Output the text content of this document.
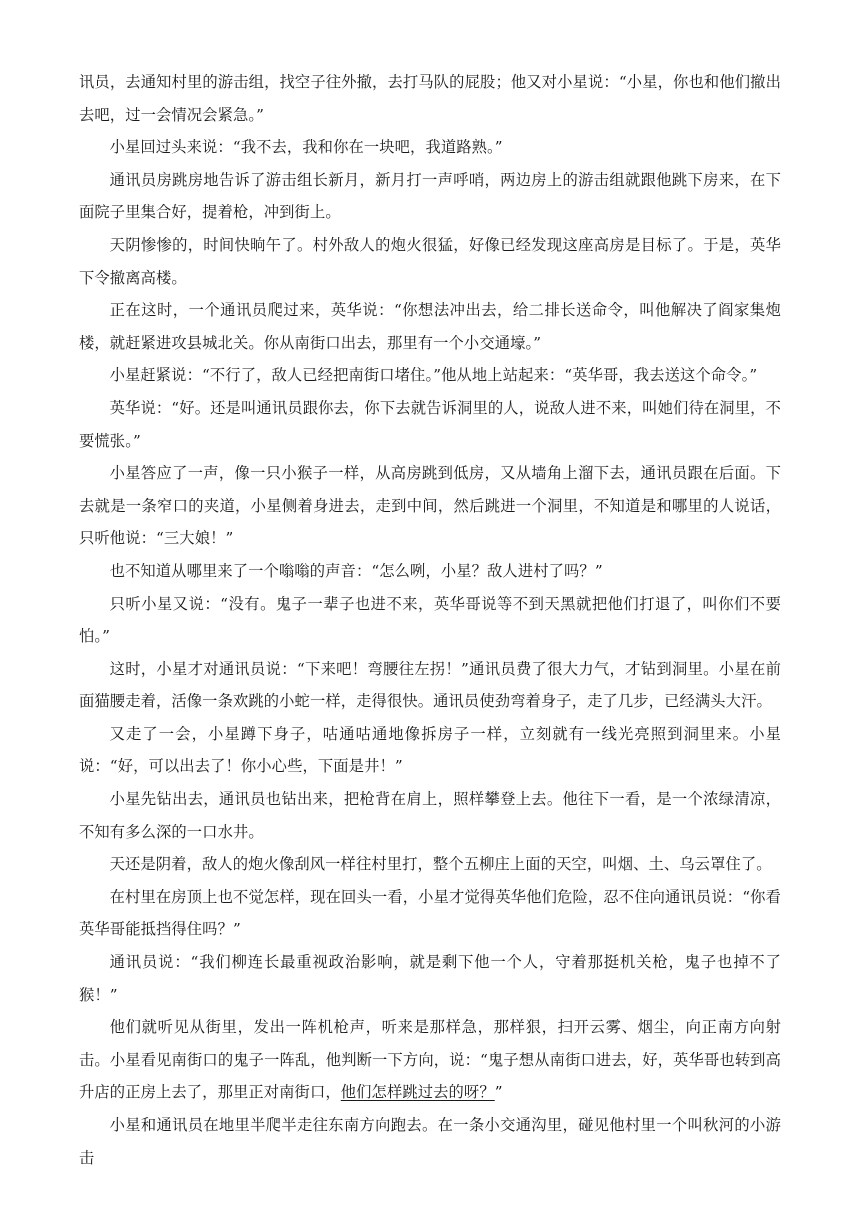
讯员，去通知村里的游击组，找空子往外撤，去打马队的屁股；他又对小星说：“小星，你也和他们撤出去吧，过一会情况会紧急。”

小星回过头来说：“我不去，我和你在一块吧，我道路熟。”

通讯员房跳房地告诉了游击组长新月，新月打一声呼哨，两边房上的游击组就跟他跳下房来，在下面院子里集合好，提着枪，冲到街上。

天阴惨惨的，时间快晌午了。村外敌人的炮火很猛，好像已经发现这座高房是目标了。于是，英华下令撤离高楼。

正在这时，一个通讯员爬过来，英华说：“你想法冲出去，给二排长送命令，叫他解决了阎家集炮楼，就赶紧进攻县城北关。你从南街口出去，那里有一个小交通壕。”

小星赶紧说：“不行了，敌人已经把南街口堵住。”他从地上站起来：“英华哥，我去送这个命令。”

英华说：“好。还是叫通讯员跟你去，你下去就告诉洞里的人，说敌人进不来，叫她们待在洞里，不要慌张。”

小星答应了一声，像一只小猴子一样，从高房跳到低房，又从墙角上溜下去，通讯员跟在后面。下去就是一条窄口的夹道，小星侧着身进去，走到中间，然后跳进一个洞里，不知道是和哪里的人说话，只听他说：“三大娘！”

也不知道从哪里来了一个嗡嗡的声音：“怎么咧，小星？敌人进村了吗？”

只听小星又说：“没有。鬼子一辈子也进不来，英华哥说等不到天黑就把他们打退了，叫你们不要怕。”

这时，小星才对通讯员说：“下来吧！弯腰往左拐！”通讯员费了很大力气，才钻到洞里。小星在前面猫腰走着，活像一条欢跳的小蛇一样，走得很快。通讯员使劲弯着身子，走了几步，已经满头大汗。

又走了一会，小星蹲下身子，咕通咕通地像拆房子一样，立刻就有一线光亮照到洞里来。小星说：“好，可以出去了！你小心些，下面是井！”

小星先钻出去，通讯员也钻出来，把枪背在肩上，照样攀登上去。他往下一看，是一个浓绿清凉，不知有多么深的一口水井。

天还是阴着，敌人的炮火像刮风一样往村里打，整个五柳庄上面的天空，叫烟、土、乌云罩住了。

在村里在房顶上也不觉怎样，现在回头一看，小星才觉得英华他们危险，忍不住向通讯员说：“你看英华哥能抵挡得住吗？”

通讯员说：“我们柳连长最重视政治影响，就是剩下他一个人，守着那挺机关枪，鬼子也掉不了猴！”

他们就听见从街里，发出一阵机枪声，听来是那样急，那样狠，扫开云雾、烟尘，向正南方向射击。小星看见南街口的鬼子一阵乱，他判断一下方向，说：“鬼子想从南街口进去，好，英华哥也转到高升店的正房上去了，那里正对南街口，他们怎样跳过去的呀？”

小星和通讯员在地里半爬半走往东南方向跑去。在一条小交通沟里，碰见他村里一个叫秋河的小游击
